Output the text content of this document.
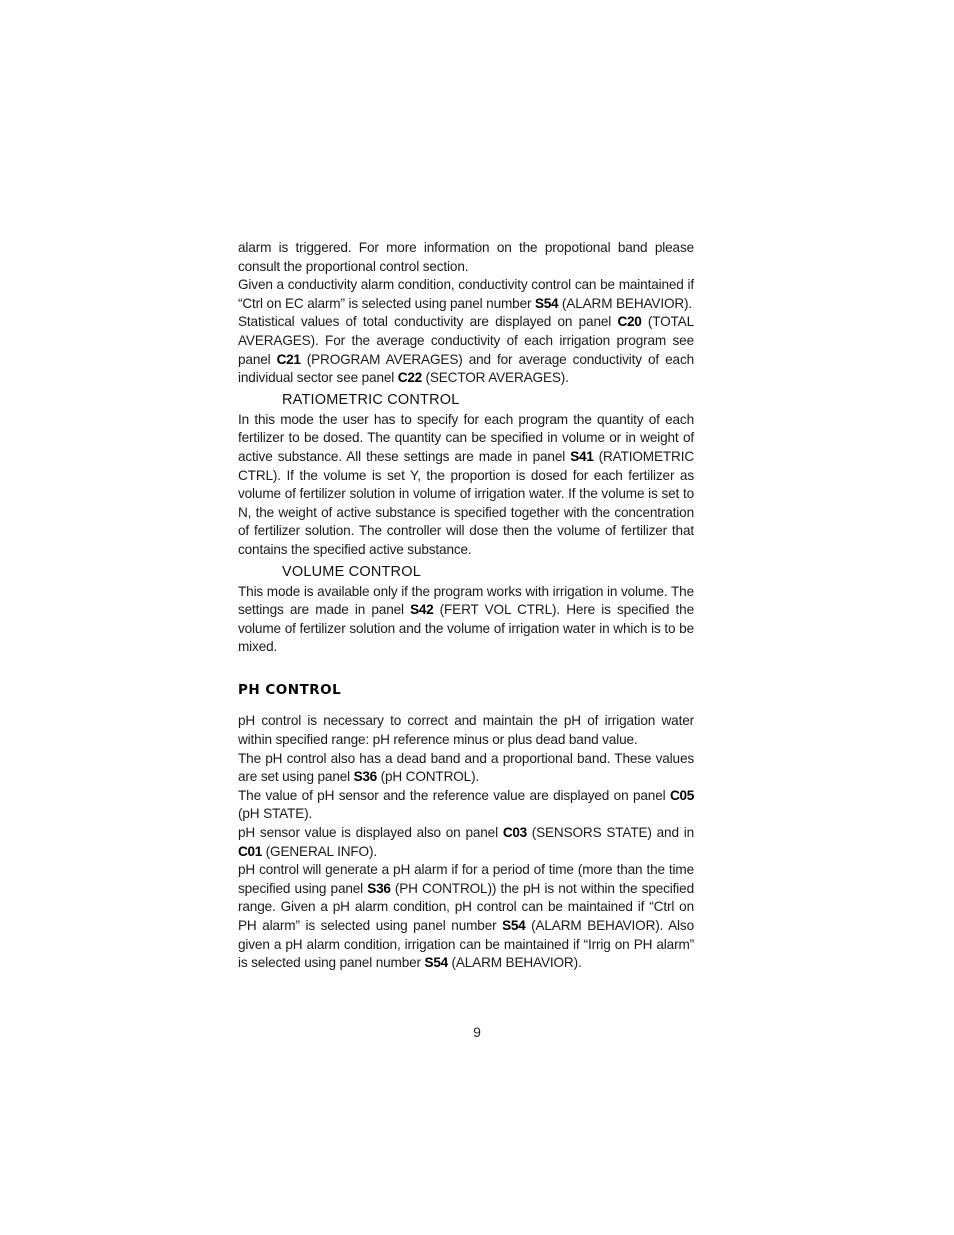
alarm is triggered. For more information on the propotional band please consult the proportional control section.

Given a conductivity alarm condition, conductivity control can be maintained if “Ctrl on EC alarm” is selected using panel number S54 (ALARM BEHAVIOR).

Statistical values of total conductivity are displayed on panel C20 (TOTAL AVERAGES). For the average conductivity of each irrigation program see panel C21 (PROGRAM AVERAGES) and for average conductivity of each individual sector see panel C22 (SECTOR AVERAGES).

RATIOMETRIC CONTROL

In this mode the user has to specify for each program the quantity of each fertilizer to be dosed. The quantity can be specified in volume or in weight of active substance. All these settings are made in panel S41 (RATIOMETRIC CTRL). If the volume is set Y, the proportion is dosed for each fertilizer as volume of fertilizer solution in volume of irrigation water. If the volume is set to N, the weight of active substance is specified together with the concentration of fertilizer solution. The controller will dose then the volume of fertilizer that contains the specified active substance.

VOLUME CONTROL

This mode is available only if the program works with irrigation in volume. The settings are made in panel S42 (FERT VOL CTRL). Here is specified the volume of fertilizer solution and the volume of irrigation water in which is to be mixed.

PH CONTROL

pH control is necessary to correct and maintain the pH of irrigation water within specified range: pH reference minus or plus dead band value.

The pH control also has a dead band and a proportional band. These values are set using panel S36 (pH CONTROL).

The value of pH sensor and the reference value are displayed on panel C05 (pH STATE).

pH sensor value is displayed also on panel C03 (SENSORS STATE) and in C01 (GENERAL INFO).

pH control will generate a pH alarm if for a period of time (more than the time specified using panel S36 (PH CONTROL)) the pH is not within the specified range. Given a pH alarm condition, pH control can be maintained if “Ctrl on PH alarm” is selected using panel number S54 (ALARM BEHAVIOR). Also given a pH alarm condition, irrigation can be maintained if “Irrig on PH alarm” is selected using panel number S54 (ALARM BEHAVIOR).

9
